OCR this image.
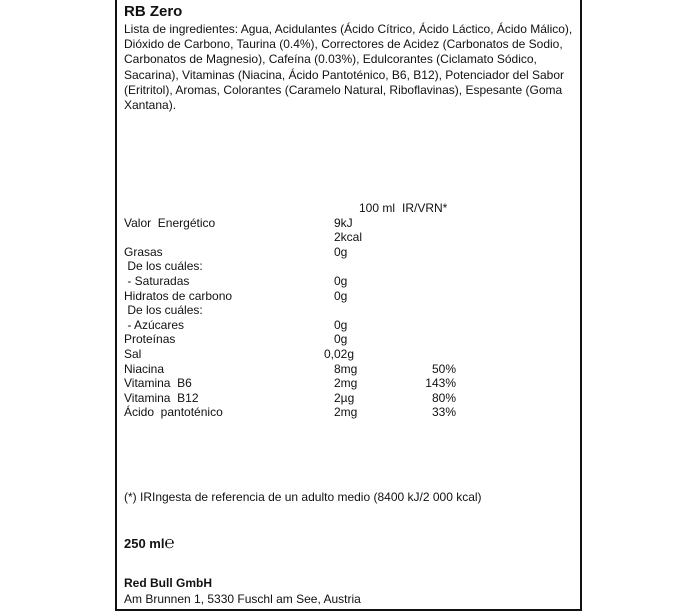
RB Zero
Lista de ingredientes: Agua, Acidulantes (Ácido Cítrico, Ácido Láctico, Ácido Málico), Dióxido de Carbono, Taurina (0.4%), Correctores de Acidez (Carbonatos de Sodio, Carbonatos de Magnesio), Cafeína (0.03%), Edulcorantes (Ciclamato Sódico, Sacarina), Vitaminas (Niacina, Ácido Pantoténico, B6, B12), Potenciador del Sabor (Eritritol), Aromas, Colorantes (Caramelo Natural, Riboflavinas), Espesante (Goma Xantana).
100 ml IR/VRN*
Valor  Energético	9kJ
2kcal
Grasas	0g
De los cuáles:
- Saturadas	0g
Hidratos de carbono	0g
De los cuáles:
- Azúcares	0g
Proteínas	0g
Sal	0,02g
Niacina	8mg	50%
Vitamina  B6	2mg	143%
Vitamina  B12	2µg	80%
Ácido  pantoténico	2mg	33%
(*) IRIngesta de referencia de un adulto medio (8400 kJ/2 000 kcal)
250 ml℮
Red Bull GmbH
Am Brunnen 1, 5330 Fuschl am See, Austria
